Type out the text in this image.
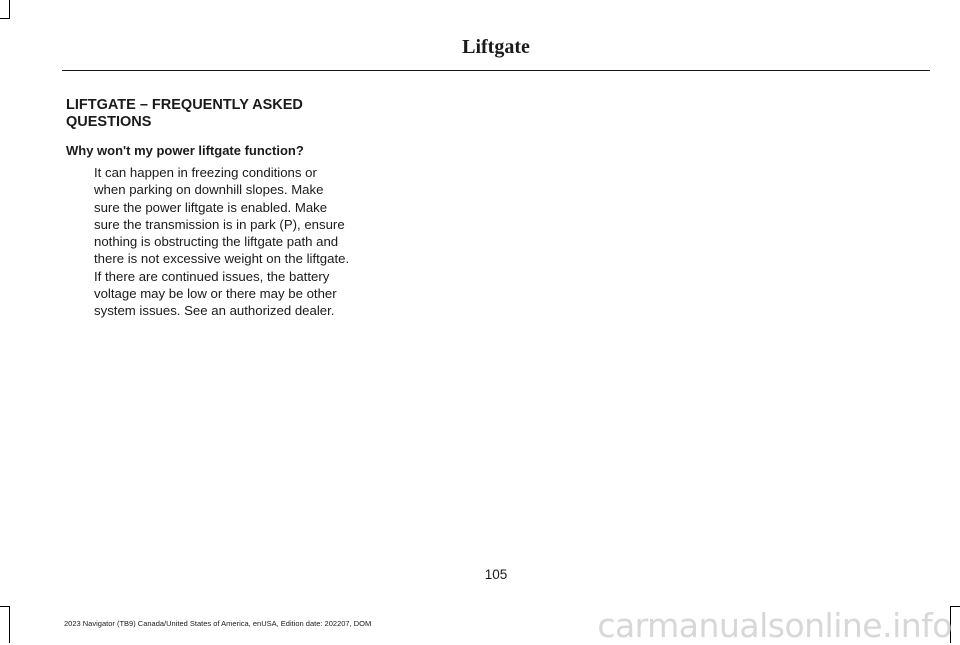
Liftgate
LIFTGATE – FREQUENTLY ASKED QUESTIONS

Why won't my power liftgate function?

It can happen in freezing conditions or when parking on downhill slopes. Make sure the power liftgate is enabled. Make sure the transmission is in park (P), ensure nothing is obstructing the liftgate path and there is not excessive weight on the liftgate. If there are continued issues, the battery voltage may be low or there may be other system issues. See an authorized dealer.

105

2023 Navigator (TB9) Canada/United States of America, enUSA, Edition date: 202207, DOM	carmanualsonline.info
